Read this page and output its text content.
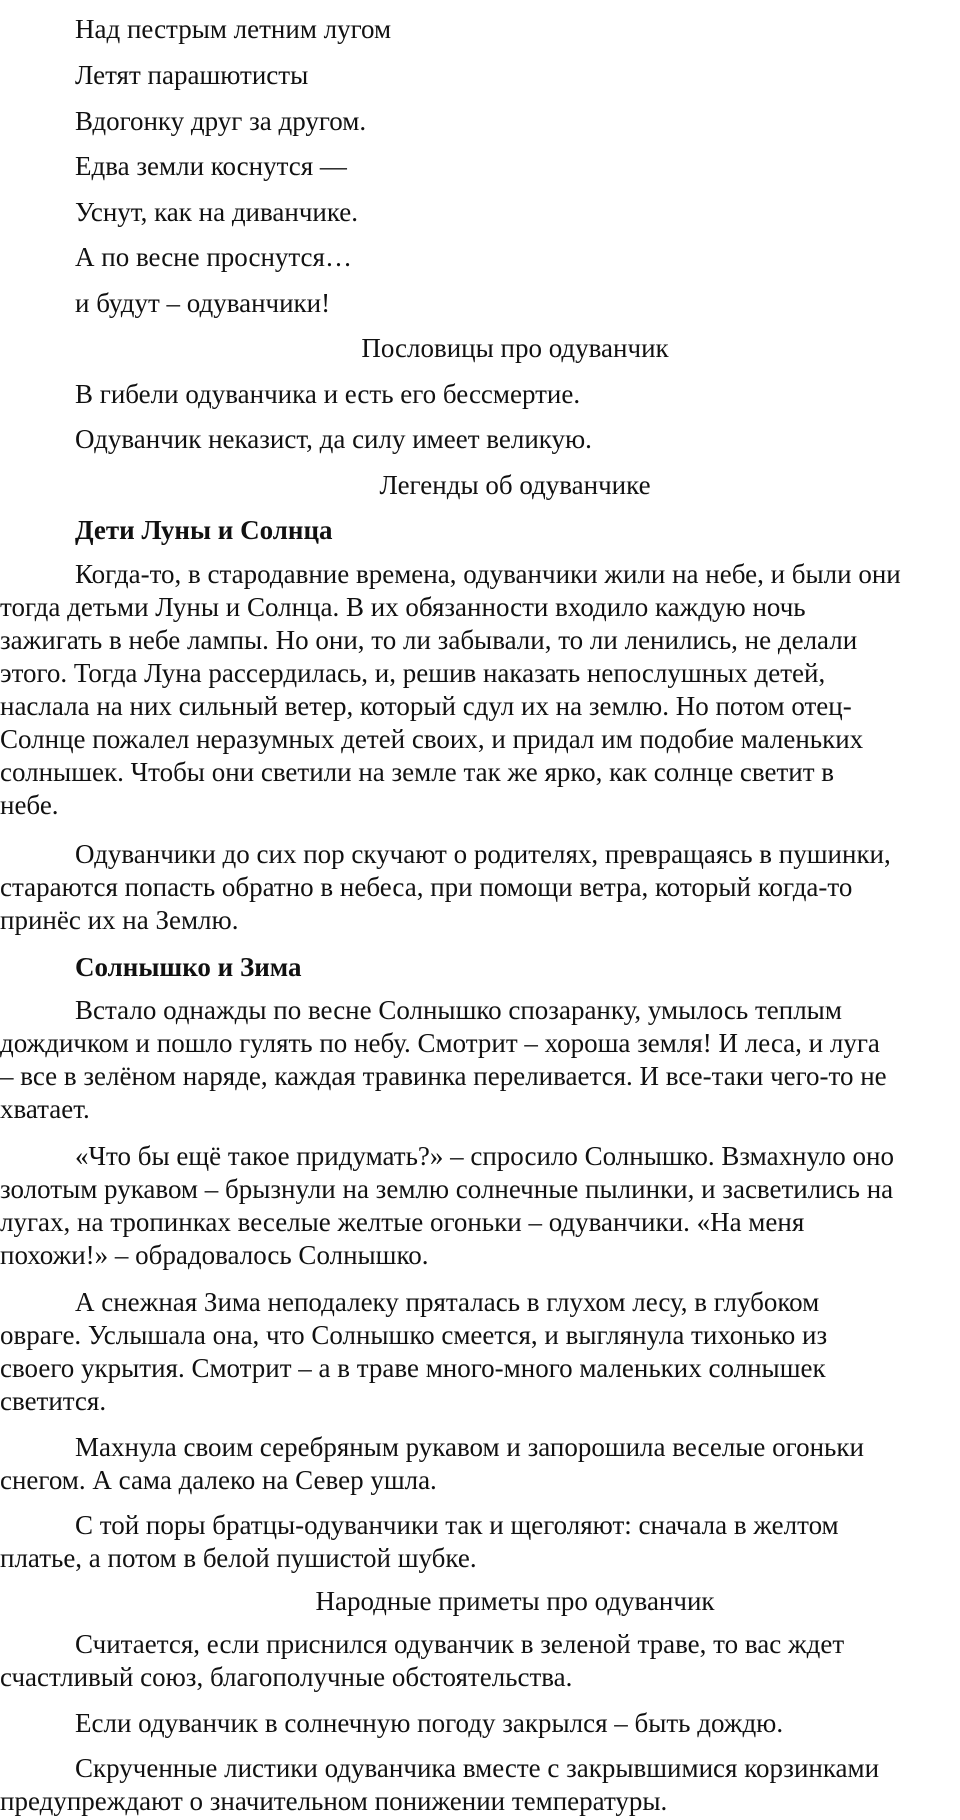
Над пестрым летним лугом
Летят парашютисты
Вдогонку друг за другом.
Едва земли коснутся —
Уснут, как на диванчике.
А по весне проснутся…
и будут – одуванчики!
Пословицы про одуванчик
В гибели одуванчика и есть его бессмертие.
Одуванчик неказист, да силу имеет великую.
Легенды об одуванчике
Дети Луны и Солнца
Когда-то, в стародавние времена, одуванчики жили на небе, и были они
тогда детьми Луны и Солнца. В их обязанности входило каждую ночь
зажигать в небе лампы. Но они, то ли забывали, то ли ленились, не делали
этого. Тогда Луна рассердилась, и, решив наказать непослушных детей,
наслала на них сильный ветер, который сдул их на землю. Но потом отец-
Солнце пожалел неразумных детей своих, и придал им подобие маленьких
солнышек. Чтобы они светили на земле так же ярко, как солнце светит в
небе.
Одуванчики до сих пор скучают о родителях, превращаясь в пушинки,
стараются попасть обратно в небеса, при помощи ветра, который когда-то
принёс их на Землю.
Солнышко и Зима
Встало однажды по весне Солнышко спозаранку, умылось теплым
дождичком и пошло гулять по небу. Смотрит – хороша земля! И леса, и луга
– все в зелёном наряде, каждая травинка переливается. И все-таки чего-то не
хватает.
«Что бы ещё такое придумать?» – спросило Солнышко. Взмахнуло оно
золотым рукавом – брызнули на землю солнечные пылинки, и засветились на
лугах, на тропинках веселые желтые огоньки – одуванчики. «На меня
похожи!» – обрадовалось Солнышко.
А снежная Зима неподалеку пряталась в глухом лесу, в глубоком
овраге. Услышала она, что Солнышко смеется, и выглянула тихонько из
своего укрытия. Смотрит – а в траве много-много маленьких солнышек
светится.
Махнула своим серебряным рукавом и запорошила веселые огоньки
снегом. А сама далеко на Север ушла.
С той поры братцы-одуванчики так и щеголяют: сначала в желтом
платье, а потом в белой пушистой шубке.
Народные приметы про одуванчик
Считается, если приснился одуванчик в зеленой траве, то вас ждет
счастливый союз, благополучные обстоятельства.
Если одуванчик в солнечную погоду закрылся – быть дождю.
Скрученные листики одуванчика вместе с закрывшимися корзинками
предупреждают о значительном понижении температуры.
